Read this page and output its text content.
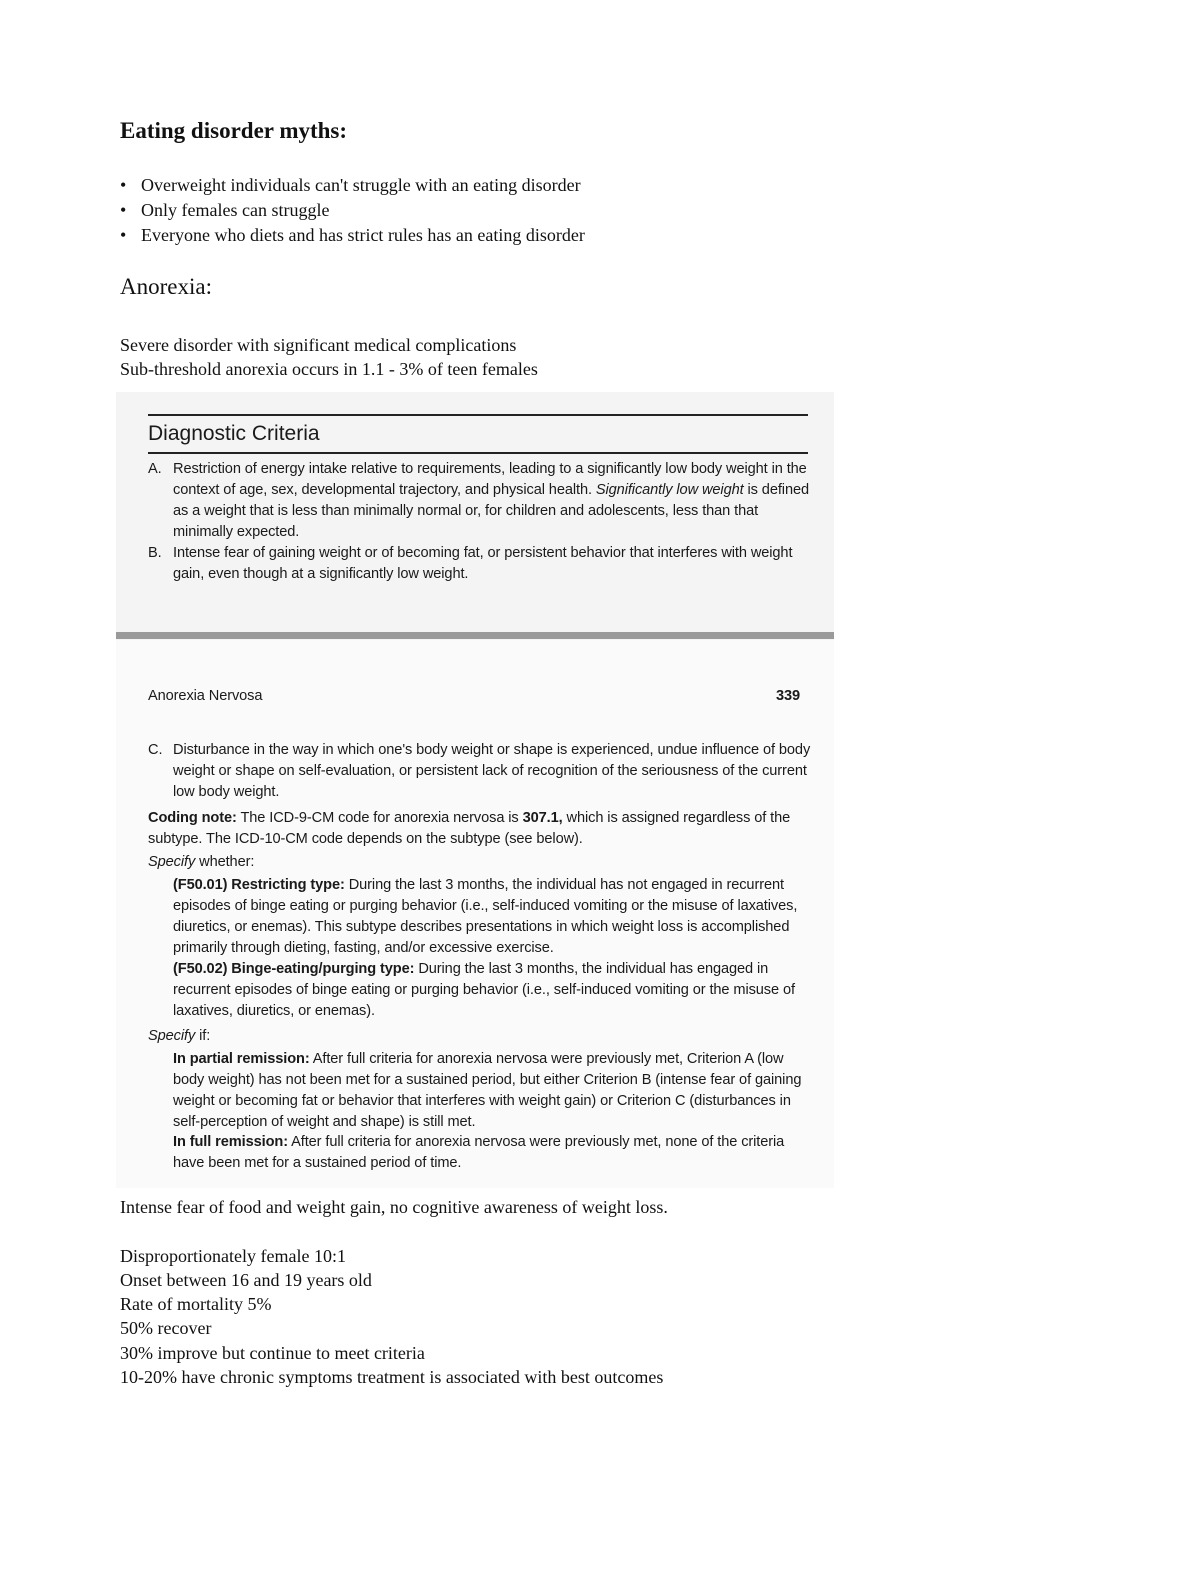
Eating disorder myths:
• Overweight individuals can't struggle with an eating disorder
• Only females can struggle
• Everyone who diets and has strict rules has an eating disorder
Anorexia:
Severe disorder with significant medical complications
Sub-threshold anorexia occurs in 1.1 - 3% of teen females
Diagnostic Criteria
A. Restriction of energy intake relative to requirements, leading to a significantly low body weight in the context of age, sex, developmental trajectory, and physical health. Significantly low weight is defined as a weight that is less than minimally normal or, for children and adolescents, less than that minimally expected.
B. Intense fear of gaining weight or of becoming fat, or persistent behavior that interferes with weight gain, even though at a significantly low weight.
Anorexia Nervosa	339
C. Disturbance in the way in which one's body weight or shape is experienced, undue influence of body weight or shape on self-evaluation, or persistent lack of recognition of the seriousness of the current low body weight.
Coding note: The ICD-9-CM code for anorexia nervosa is 307.1, which is assigned regardless of the subtype. The ICD-10-CM code depends on the subtype (see below).
Specify whether:
(F50.01) Restricting type: During the last 3 months, the individual has not engaged in recurrent episodes of binge eating or purging behavior (i.e., self-induced vomiting or the misuse of laxatives, diuretics, or enemas). This subtype describes presentations in which weight loss is accomplished primarily through dieting, fasting, and/or excessive exercise.
(F50.02) Binge-eating/purging type: During the last 3 months, the individual has engaged in recurrent episodes of binge eating or purging behavior (i.e., self-induced vomiting or the misuse of laxatives, diuretics, or enemas).
Specify if:
In partial remission: After full criteria for anorexia nervosa were previously met, Criterion A (low body weight) has not been met for a sustained period, but either Criterion B (intense fear of gaining weight or becoming fat or behavior that interferes with weight gain) or Criterion C (disturbances in self-perception of weight and shape) is still met.
In full remission: After full criteria for anorexia nervosa were previously met, none of the criteria have been met for a sustained period of time.
Intense fear of food and weight gain, no cognitive awareness of weight loss.
Disproportionately female 10:1
Onset between 16 and 19 years old
Rate of mortality 5%
50% recover
30% improve but continue to meet criteria
10-20% have chronic symptoms treatment is associated with best outcomes
